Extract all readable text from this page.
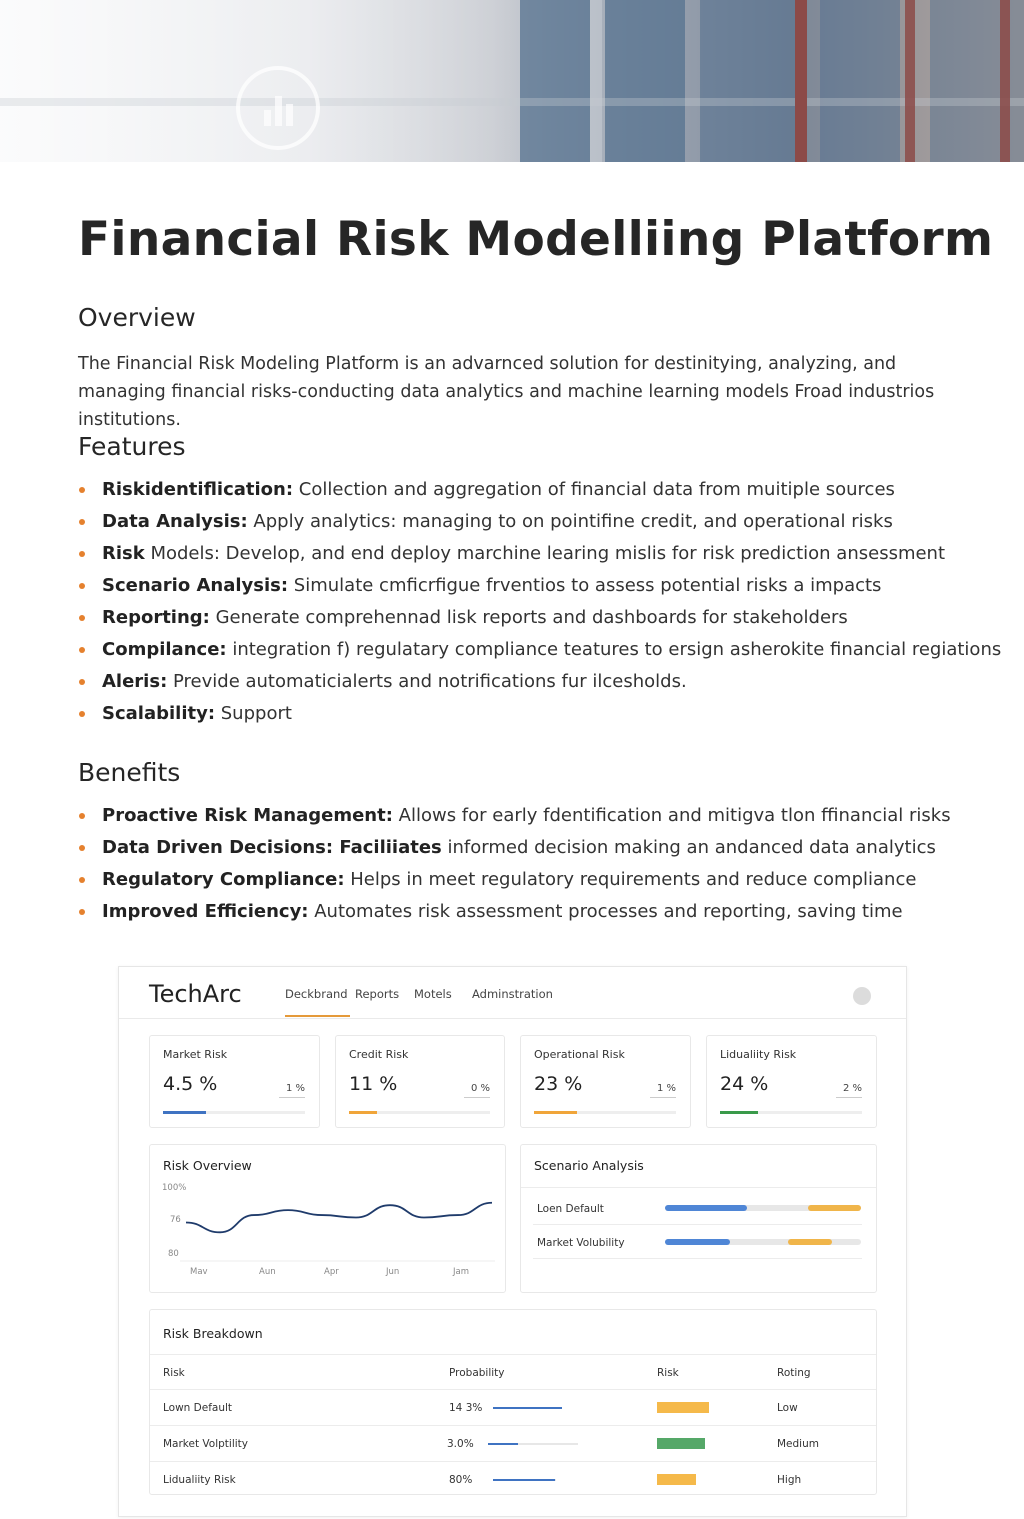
Financial Risk Modelliing Platform
Overview

The Financial Risk Modeling Platform is an advarnced solution for destinitying, analyzing, and managing financial risks-conducting data analytics and machine learning models Froad industrios institutions.

Features
Riskidentiflication: Collection and aggregation of financial data from muitiple sources
Data Analysis: Apply analytics: managing to on pointifine credit, and operational risks
Risk Models: Develop, and end deploy marchine learing mislis for risk prediction ansessment
Scenario Analysis: Simulate cmficrfigue frventios to assess potential risks a impacts
Reporting: Generate comprehennad lisk reports and dashboards for stakeholders
Compilance: integration f) regulatary compliance teatures to ersign asherokite financial regiations
Aleris: Previde automaticialerts and notrifications fur ilcesholds.
Scalability: Support
Benefits
Proactive Risk Management: Allows for early fdentification and mitigva tlon ffinancial risks
Data Driven Decisions: Faciliiates informed decision making an andanced data analytics
Regulatory Compliance: Helps in meet regulatory requirements and reduce compliance
Improved Efficiency: Automates risk assessment processes and reporting, saving time
TechArc	Deckbrand Reports Motels Adminstration
Market Risk
4.5 %	1 %
Credit Risk
11 %	0 %
Operational Risk
23 %	1 %
Lidualiity Risk
24 %	2 %
Risk Overview
100%
76
80
Mav	Aun	Apr	Jun	Jam
Scenario Analysis
Loen Default
Market Volubility
Risk Breakdown
Risk	Probability	Risk	Roting
Lown Default	14 3%	Low
Market Volptility	3.0%	Medium
Lidualiity Risk	80%	High
